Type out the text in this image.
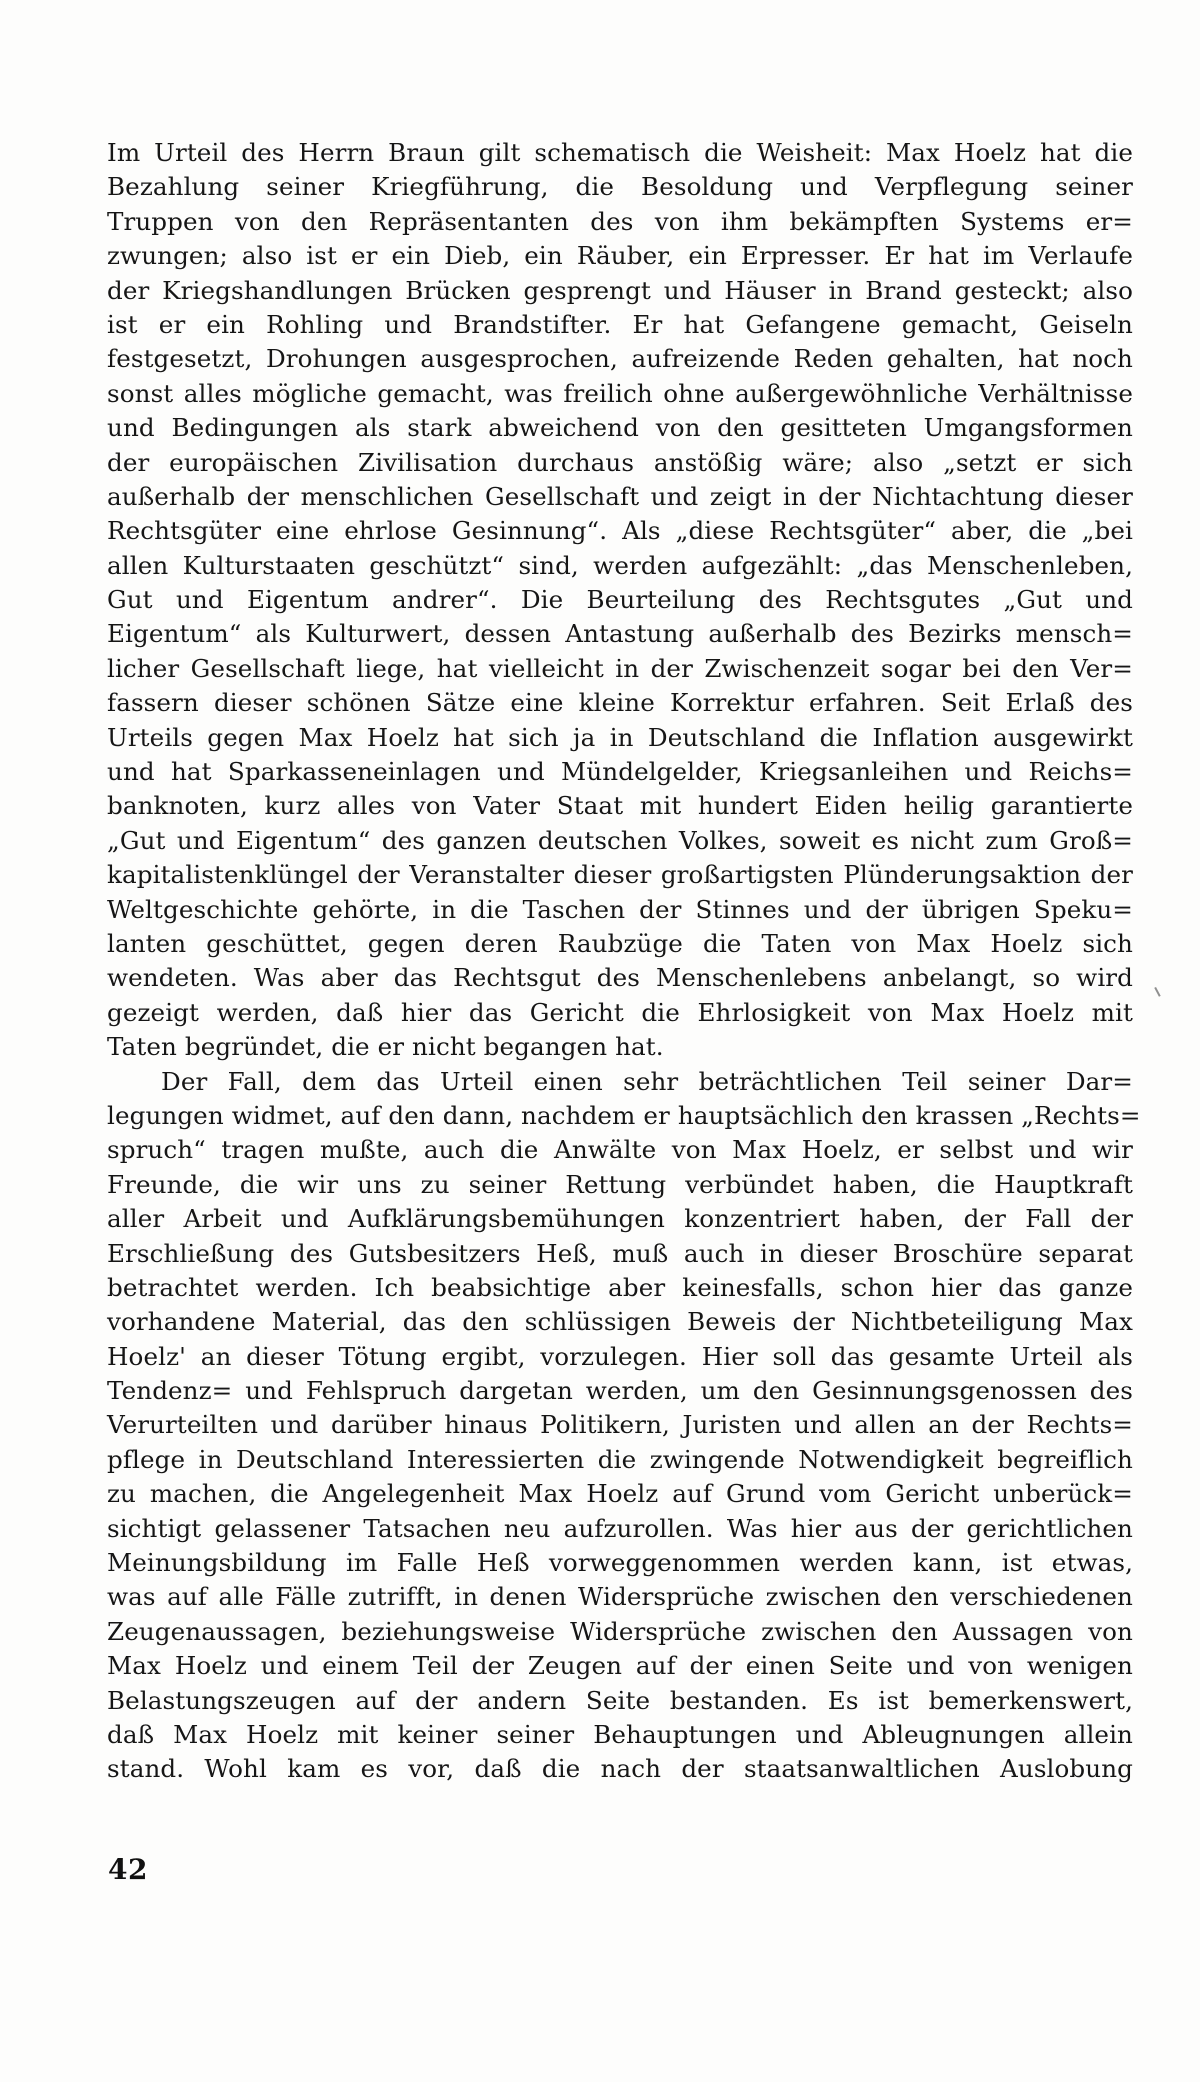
Im Urteil des Herrn Braun gilt schematisch die Weisheit: Max Hoelz hat die
Bezahlung seiner Kriegführung, die Besoldung und Verpflegung seiner
Truppen von den Repräsentanten des von ihm bekämpften Systems er=
zwungen; also ist er ein Dieb, ein Räuber, ein Erpresser. Er hat im Verlaufe
der Kriegshandlungen Brücken gesprengt und Häuser in Brand gesteckt; also
ist er ein Rohling und Brandstifter. Er hat Gefangene gemacht, Geiseln
festgesetzt, Drohungen ausgesprochen, aufreizende Reden gehalten, hat noch
sonst alles mögliche gemacht, was freilich ohne außergewöhnliche Verhältnisse
und Bedingungen als stark abweichend von den gesitteten Umgangsformen
der europäischen Zivilisation durchaus anstößig wäre; also „setzt er sich
außerhalb der menschlichen Gesellschaft und zeigt in der Nichtachtung dieser
Rechtsgüter eine ehrlose Gesinnung“. Als „diese Rechtsgüter“ aber, die „bei
allen Kulturstaaten geschützt“ sind, werden aufgezählt: „das Menschenleben,
Gut und Eigentum andrer“. Die Beurteilung des Rechtsgutes „Gut und
Eigentum“ als Kulturwert, dessen Antastung außerhalb des Bezirks mensch=
licher Gesellschaft liege, hat vielleicht in der Zwischenzeit sogar bei den Ver=
fassern dieser schönen Sätze eine kleine Korrektur erfahren. Seit Erlaß des
Urteils gegen Max Hoelz hat sich ja in Deutschland die Inflation ausgewirkt
und hat Sparkasseneinlagen und Mündelgelder, Kriegsanleihen und Reichs=
banknoten, kurz alles von Vater Staat mit hundert Eiden heilig garantierte
„Gut und Eigentum“ des ganzen deutschen Volkes, soweit es nicht zum Groß=
kapitalistenklüngel der Veranstalter dieser großartigsten Plünderungsaktion der
Weltgeschichte gehörte, in die Taschen der Stinnes und der übrigen Speku=
lanten geschüttet, gegen deren Raubzüge die Taten von Max Hoelz sich
wendeten. Was aber das Rechtsgut des Menschenlebens anbelangt, so wird
gezeigt werden, daß hier das Gericht die Ehrlosigkeit von Max Hoelz mit
Taten begründet, die er nicht begangen hat.
Der Fall, dem das Urteil einen sehr beträchtlichen Teil seiner Dar=
legungen widmet, auf den dann, nachdem er hauptsächlich den krassen „Rechts=
spruch“ tragen mußte, auch die Anwälte von Max Hoelz, er selbst und wir
Freunde, die wir uns zu seiner Rettung verbündet haben, die Hauptkraft
aller Arbeit und Aufklärungsbemühungen konzentriert haben, der Fall der
Erschließung des Gutsbesitzers Heß, muß auch in dieser Broschüre separat
betrachtet werden. Ich beabsichtige aber keinesfalls, schon hier das ganze
vorhandene Material, das den schlüssigen Beweis der Nichtbeteiligung Max
Hoelz' an dieser Tötung ergibt, vorzulegen. Hier soll das gesamte Urteil als
Tendenz= und Fehlspruch dargetan werden, um den Gesinnungsgenossen des
Verurteilten und darüber hinaus Politikern, Juristen und allen an der Rechts=
pflege in Deutschland Interessierten die zwingende Notwendigkeit begreiflich
zu machen, die Angelegenheit Max Hoelz auf Grund vom Gericht unberück=
sichtigt gelassener Tatsachen neu aufzurollen. Was hier aus der gerichtlichen
Meinungsbildung im Falle Heß vorweggenommen werden kann, ist etwas,
was auf alle Fälle zutrifft, in denen Widersprüche zwischen den verschiedenen
Zeugenaussagen, beziehungsweise Widersprüche zwischen den Aussagen von
Max Hoelz und einem Teil der Zeugen auf der einen Seite und von wenigen
Belastungszeugen auf der andern Seite bestanden. Es ist bemerkenswert,
daß Max Hoelz mit keiner seiner Behauptungen und Ableugnungen allein
stand. Wohl kam es vor, daß die nach der staatsanwaltlichen Auslobung
42
